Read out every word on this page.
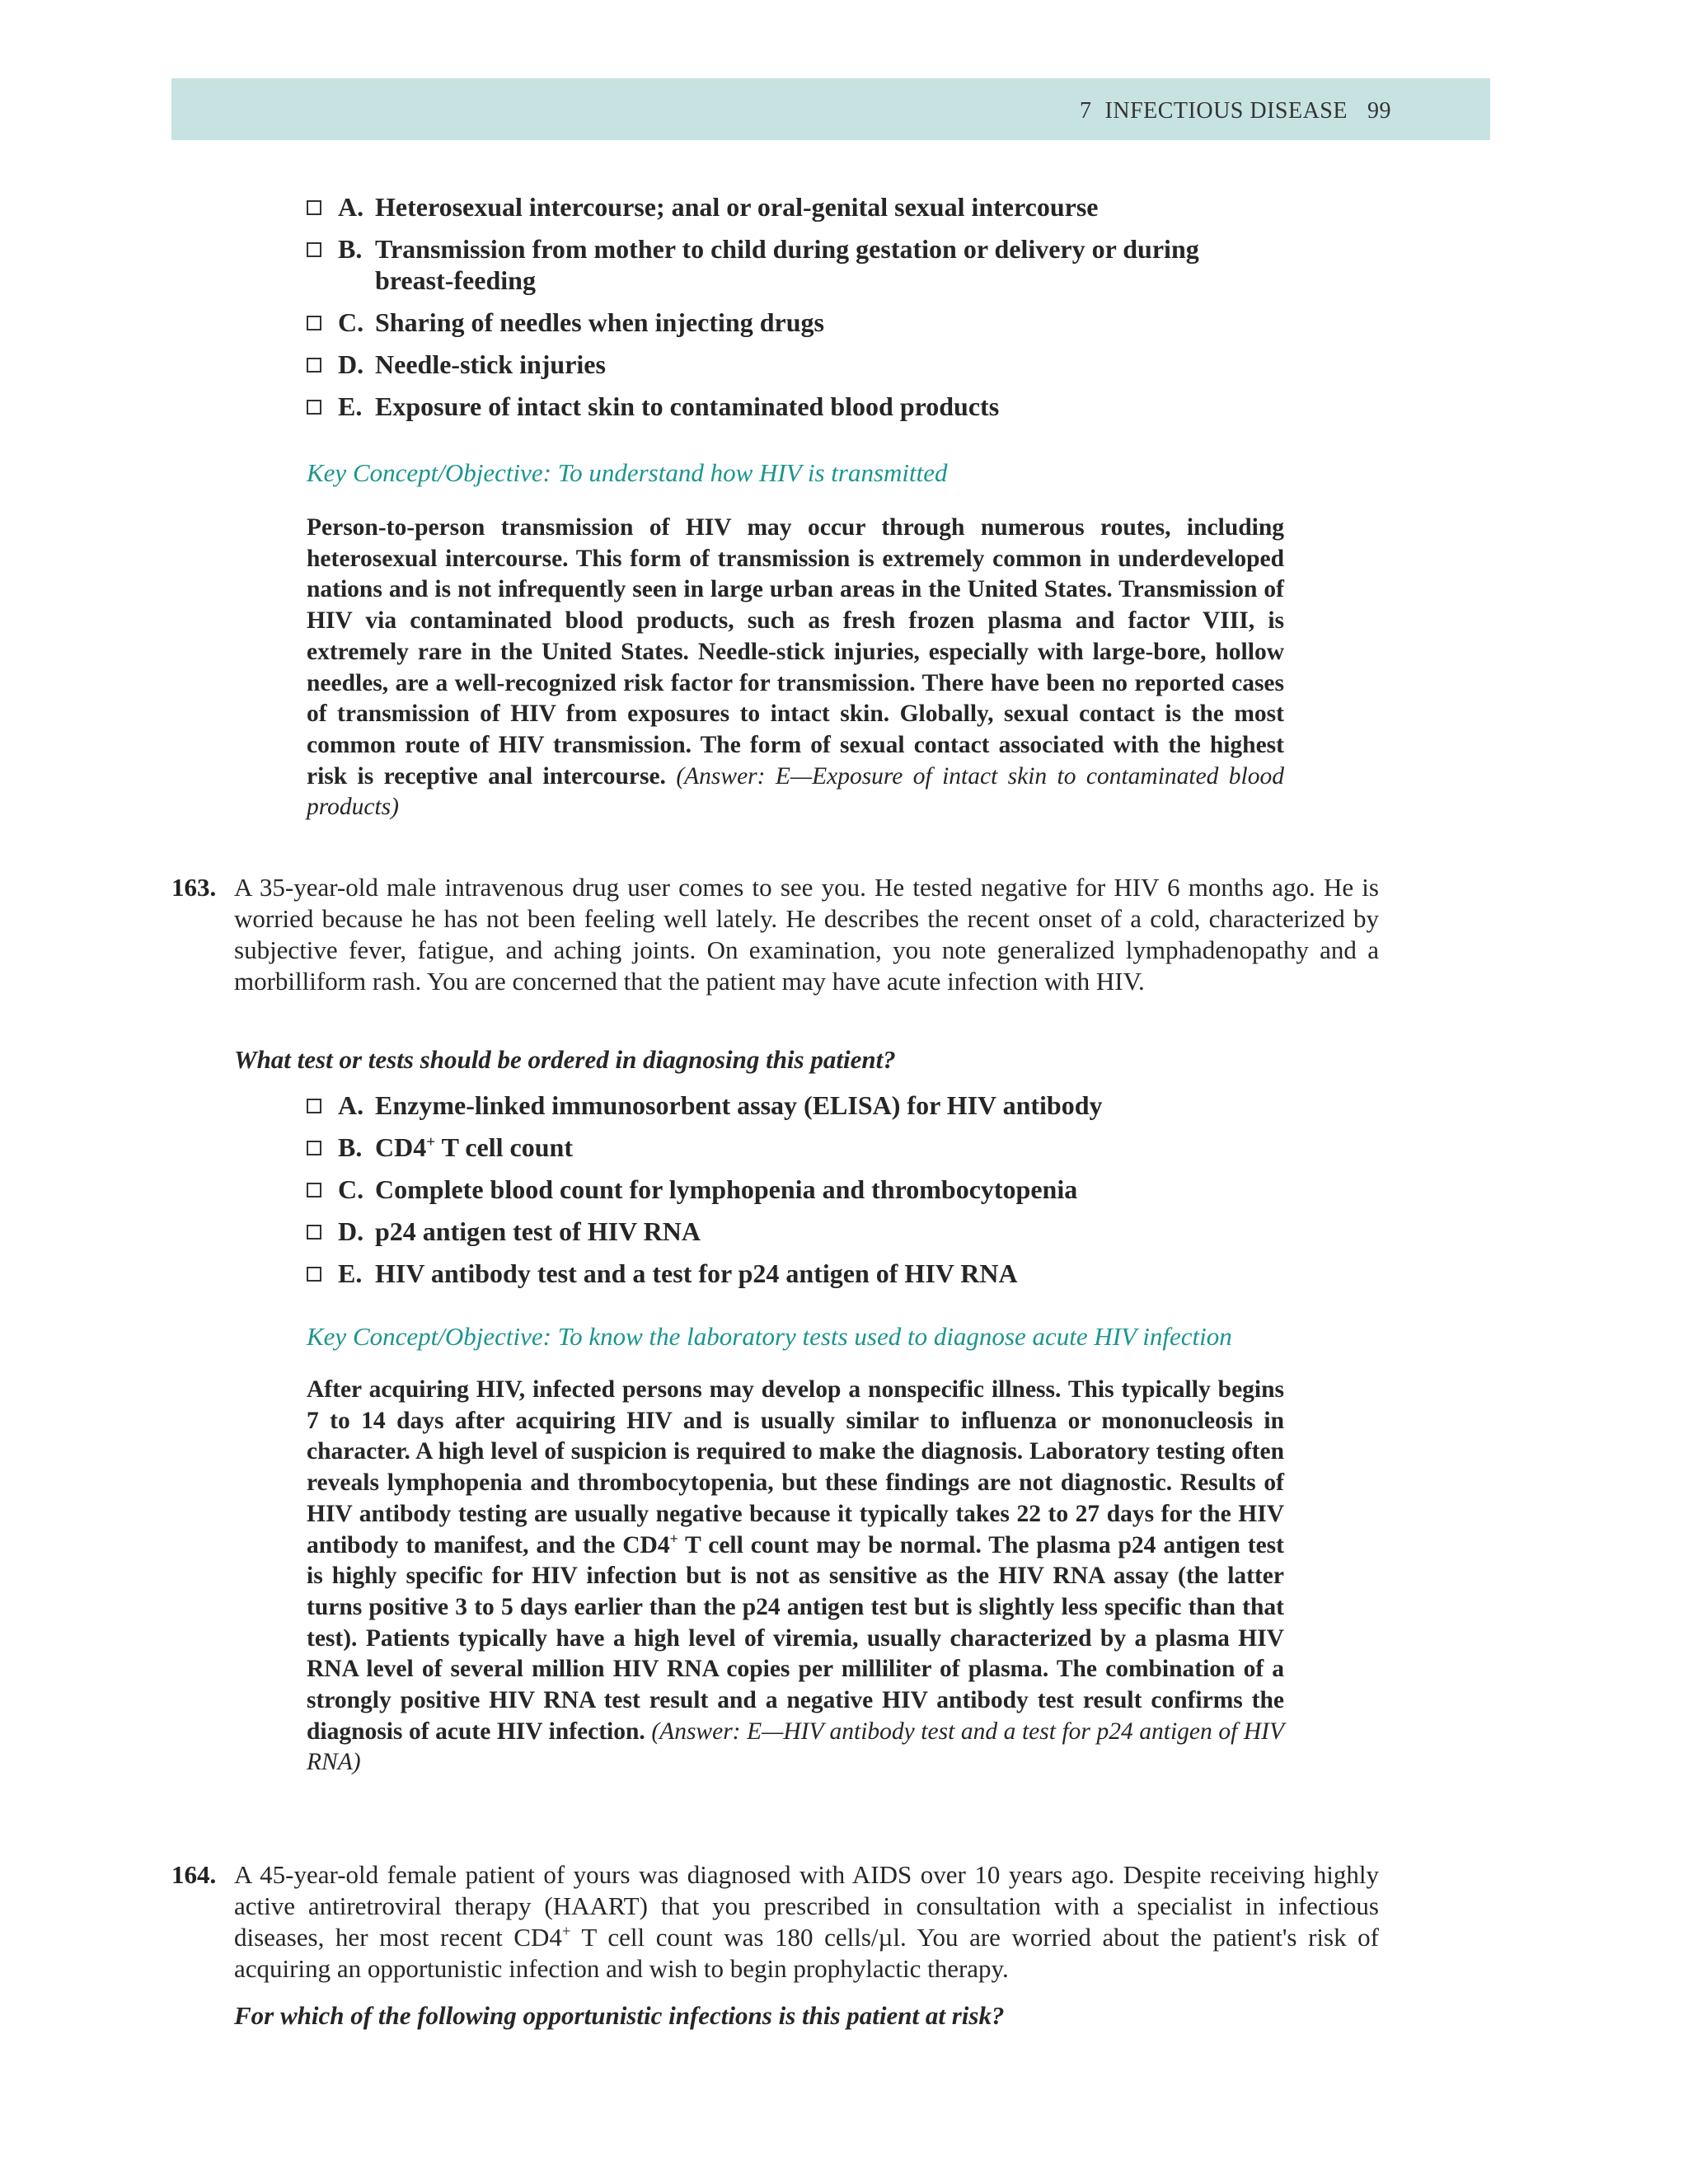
7 INFECTIOUS DISEASE 99
A. Heterosexual intercourse; anal or oral-genital sexual intercourse
B. Transmission from mother to child during gestation or delivery or during breast-feeding
C. Sharing of needles when injecting drugs
D. Needle-stick injuries
E. Exposure of intact skin to contaminated blood products
Key Concept/Objective: To understand how HIV is transmitted
Person-to-person transmission of HIV may occur through numerous routes, including heterosexual intercourse. This form of transmission is extremely common in underdeveloped nations and is not infrequently seen in large urban areas in the United States. Transmission of HIV via contaminated blood products, such as fresh frozen plasma and factor VIII, is extremely rare in the United States. Needle-stick injuries, especially with large-bore, hollow needles, are a well-recognized risk factor for transmission. There have been no reported cases of transmission of HIV from exposures to intact skin. Globally, sexual contact is the most common route of HIV transmission. The form of sexual contact associated with the highest risk is receptive anal intercourse. (Answer: E—Exposure of intact skin to contaminated blood products)
163. A 35-year-old male intravenous drug user comes to see you. He tested negative for HIV 6 months ago. He is worried because he has not been feeling well lately. He describes the recent onset of a cold, characterized by subjective fever, fatigue, and aching joints. On examination, you note generalized lymphadenopathy and a morbilliform rash. You are concerned that the patient may have acute infection with HIV.
What test or tests should be ordered in diagnosing this patient?
A. Enzyme-linked immunosorbent assay (ELISA) for HIV antibody
B. CD4+ T cell count
C. Complete blood count for lymphopenia and thrombocytopenia
D. p24 antigen test of HIV RNA
E. HIV antibody test and a test for p24 antigen of HIV RNA
Key Concept/Objective: To know the laboratory tests used to diagnose acute HIV infection
After acquiring HIV, infected persons may develop a nonspecific illness. This typically begins 7 to 14 days after acquiring HIV and is usually similar to influenza or mononucleosis in character. A high level of suspicion is required to make the diagnosis. Laboratory testing often reveals lymphopenia and thrombocytopenia, but these findings are not diagnostic. Results of HIV antibody testing are usually negative because it typically takes 22 to 27 days for the HIV antibody to manifest, and the CD4+ T cell count may be normal. The plasma p24 antigen test is highly specific for HIV infection but is not as sensitive as the HIV RNA assay (the latter turns positive 3 to 5 days earlier than the p24 antigen test but is slightly less specific than that test). Patients typically have a high level of viremia, usually characterized by a plasma HIV RNA level of several million HIV RNA copies per milliliter of plasma. The combination of a strongly positive HIV RNA test result and a negative HIV antibody test result confirms the diagnosis of acute HIV infection. (Answer: E—HIV antibody test and a test for p24 antigen of HIV RNA)
164. A 45-year-old female patient of yours was diagnosed with AIDS over 10 years ago. Despite receiving highly active antiretroviral therapy (HAART) that you prescribed in consultation with a specialist in infectious diseases, her most recent CD4+ T cell count was 180 cells/µl. You are worried about the patient's risk of acquiring an opportunistic infection and wish to begin prophylactic therapy.
For which of the following opportunistic infections is this patient at risk?
